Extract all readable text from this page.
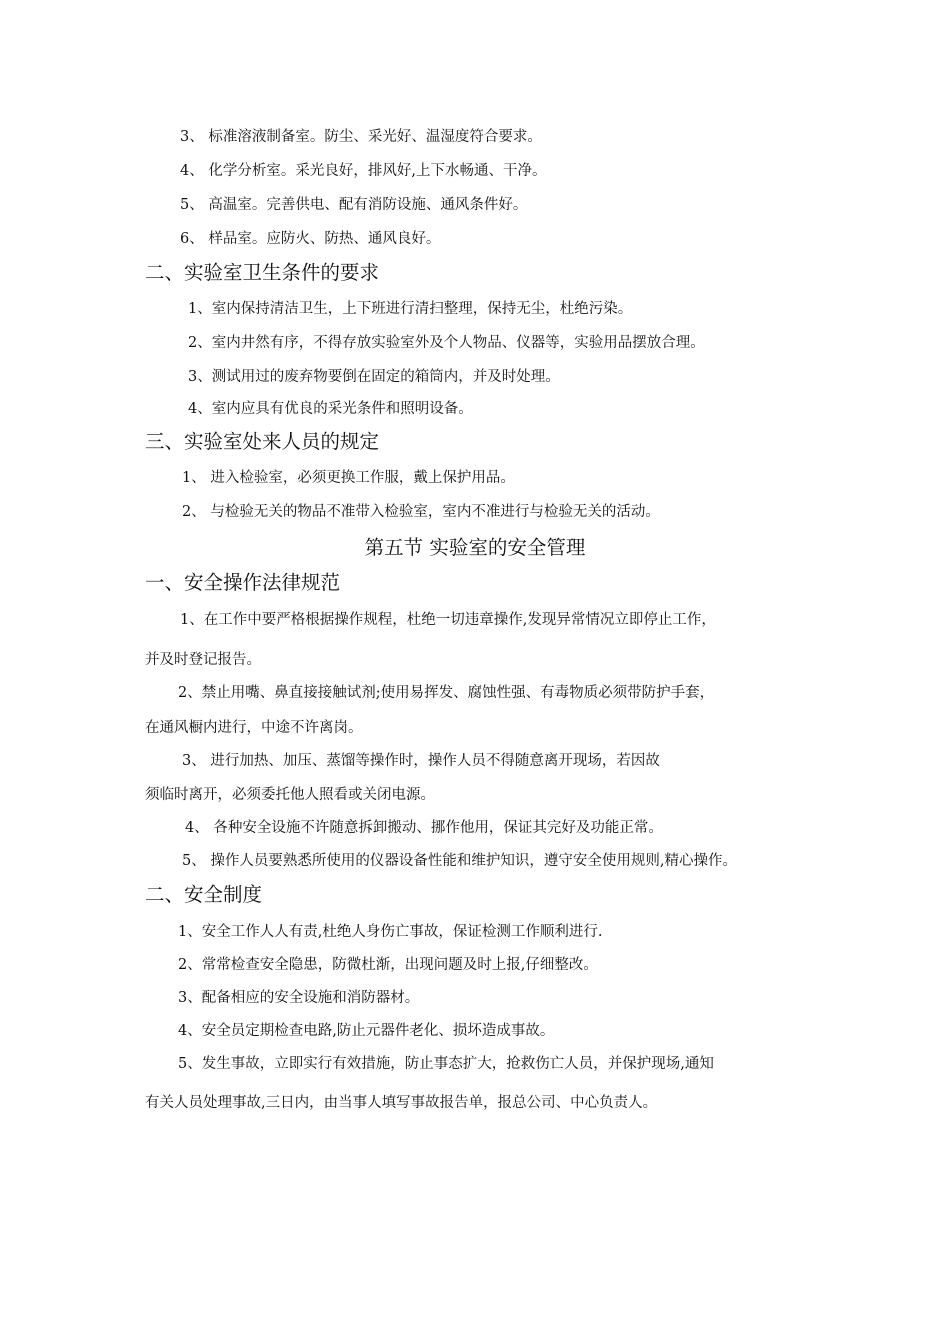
3、 标准溶液制备室。防尘、采光好、温湿度符合要求。
4、 化学分析室。采光良好，排风好,上下水畅通、干净。
5、 高温室。完善供电、配有消防设施、通风条件好。
6、 样品室。应防火、防热、通风良好。
二、实验室卫生条件的要求
1、室内保持清洁卫生，上下班进行清扫整理，保持无尘，杜绝污染。
2、室内井然有序，不得存放实验室外及个人物品、仪器等，实验用品摆放合理。
3、测试用过的废弃物要倒在固定的箱筒内，并及时处理。
4、室内应具有优良的采光条件和照明设备。
三、实验室处来人员的规定
1、 进入检验室，必须更换工作服，戴上保护用品。
2、 与检验无关的物品不准带入检验室，室内不准进行与检验无关的活动。
第五节 实验室的安全管理
一、安全操作法律规范
1、在工作中要严格根据操作规程，杜绝一切违章操作,发现异常情况立即停止工作，
并及时登记报告。
2、禁止用嘴、鼻直接接触试剂;使用易挥发、腐蚀性强、有毒物质必须带防护手套，
在通风橱内进行，中途不许离岗。
3、 进行加热、加压、蒸馏等操作时，操作人员不得随意离开现场，若因故
须临时离开，必须委托他人照看或关闭电源。
4、 各种安全设施不许随意拆卸搬动、挪作他用，保证其完好及功能正常。
5、 操作人员要熟悉所使用的仪器设备性能和维护知识，遵守安全使用规则,精心操作。
二、安全制度
1、安全工作人人有责,杜绝人身伤亡事故，保证检测工作顺利进行.
2、常常检查安全隐患，防微杜渐，出现问题及时上报,仔细整改。
3、配备相应的安全设施和消防器材。
4、安全员定期检查电路,防止元器件老化、损坏造成事故。
5、发生事故，立即实行有效措施，防止事态扩大，抢救伤亡人员，并保护现场,通知
有关人员处理事故,三日内，由当事人填写事故报告单，报总公司、中心负责人。
